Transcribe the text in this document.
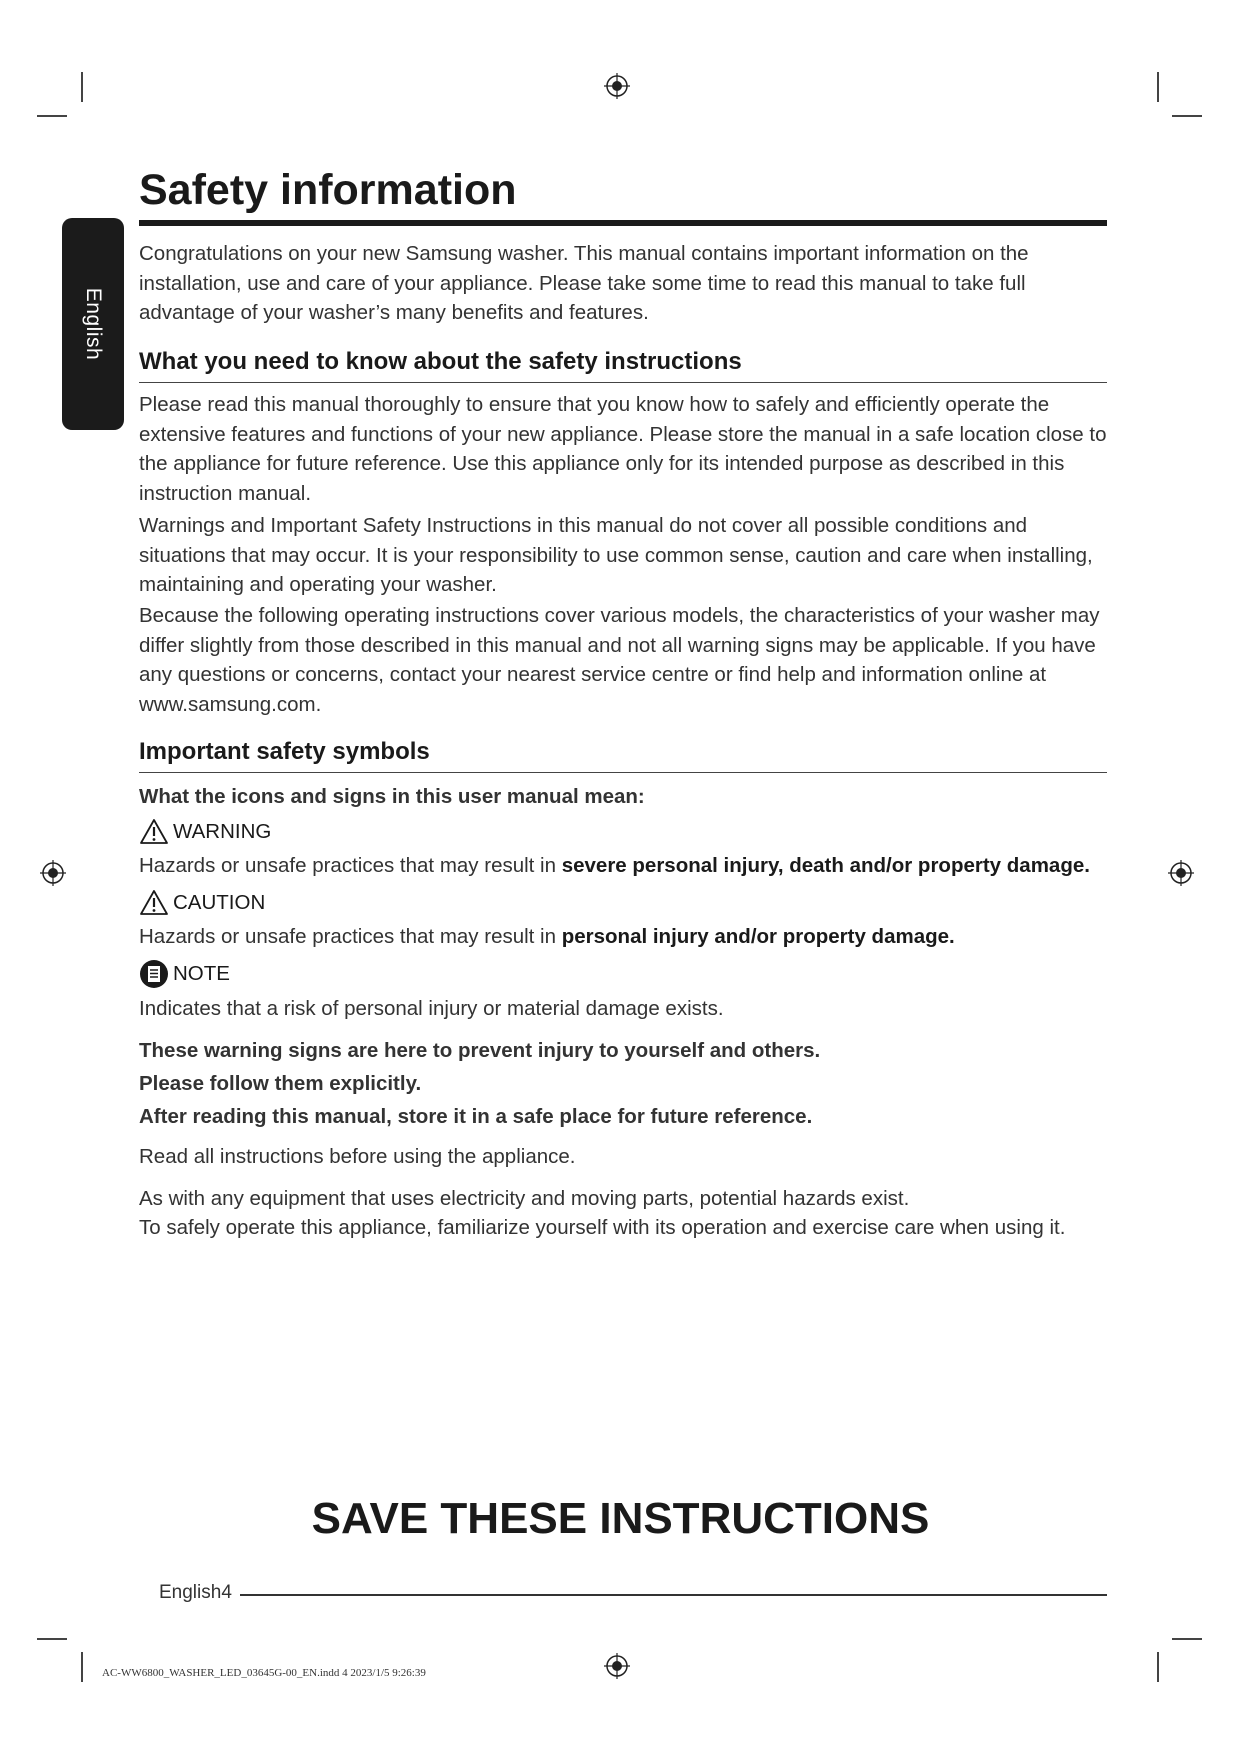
English
Safety information

Congratulations on your new Samsung washer. This manual contains important information on the installation, use and care of your appliance. Please take some time to read this manual to take full advantage of your washer’s many benefits and features.

What you need to know about the safety instructions

Please read this manual thoroughly to ensure that you know how to safely and efficiently operate the extensive features and functions of your new appliance. Please store the manual in a safe location close to the appliance for future reference. Use this appliance only for its intended purpose as described in this instruction manual.

Warnings and Important Safety Instructions in this manual do not cover all possible conditions and situations that may occur. It is your responsibility to use common sense, caution and care when installing, maintaining and operating your washer.

Because the following operating instructions cover various models, the characteristics of your washer may differ slightly from those described in this manual and not all warning signs may be applicable. If you have any questions or concerns, contact your nearest service centre or find help and information online at www.samsung.com.

Important safety symbols

What the icons and signs in this user manual mean:

WARNING

Hazards or unsafe practices that may result in severe personal injury, death and/or property damage.

CAUTION

Hazards or unsafe practices that may result in personal injury and/or property damage.

NOTE

Indicates that a risk of personal injury or material damage exists.

These warning signs are here to prevent injury to yourself and others.

Please follow them explicitly.

After reading this manual, store it in a safe place for future reference.

Read all instructions before using the appliance.

As with any equipment that uses electricity and moving parts, potential hazards exist.

To safely operate this appliance, familiarize yourself with its operation and exercise care when using it.

SAVE THESE INSTRUCTIONS

English4
AC-WW6800_WASHER_LED_03645G-00_EN.indd 4 2023/1/5 9:26:39
